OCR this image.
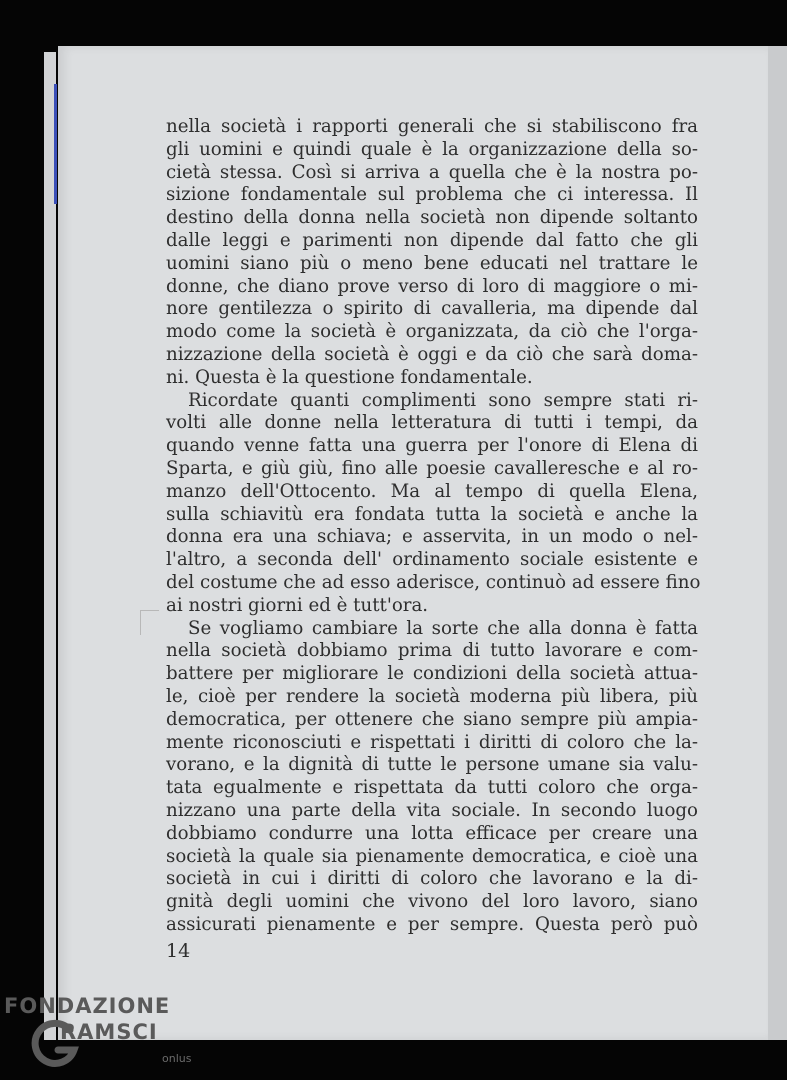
nella società i rapporti generali che si stabiliscono fra
gli uomini e quindi quale è la organizzazione della so-
cietà stessa. Così si arriva a quella che è la nostra po-
sizione fondamentale sul problema che ci interessa. Il
destino della donna nella società non dipende soltanto
dalle leggi e parimenti non dipende dal fatto che gli
uomini siano più o meno bene educati nel trattare le
donne, che diano prove verso di loro di maggiore o mi-
nore gentilezza o spirito di cavalleria, ma dipende dal
modo come la società è organizzata, da ciò che l'orga-
nizzazione della società è oggi e da ciò che sarà doma-
ni. Questa è la questione fondamentale.
Ricordate quanti complimenti sono sempre stati ri-
volti alle donne nella letteratura di tutti i tempi, da
quando venne fatta una guerra per l'onore di Elena di
Sparta, e giù giù, fino alle poesie cavalleresche e al ro-
manzo dell'Ottocento. Ma al tempo di quella Elena,
sulla schiavitù era fondata tutta la società e anche la
donna era una schiava; e asservita, in un modo o nel-
l'altro, a seconda dell' ordinamento sociale esistente e
del costume che ad esso aderisce, continuò ad essere fino
ai nostri giorni ed è tutt'ora.
Se vogliamo cambiare la sorte che alla donna è fatta
nella società dobbiamo prima di tutto lavorare e com-
battere per migliorare le condizioni della società attua-
le, cioè per rendere la società moderna più libera, più
democratica, per ottenere che siano sempre più ampia-
mente riconosciuti e rispettati i diritti di coloro che la-
vorano, e la dignità di tutte le persone umane sia valu-
tata egualmente e rispettata da tutti coloro che orga-
nizzano una parte della vita sociale. In secondo luogo
dobbiamo condurre una lotta efficace per creare una
società la quale sia pienamente democratica, e cioè una
società in cui i diritti di coloro che lavorano e la di-
gnità degli uomini che vivono del loro lavoro, siano
assicurati pienamente e per sempre. Questa però può
14
FONDAZIONE
RAMSCI
onlus
